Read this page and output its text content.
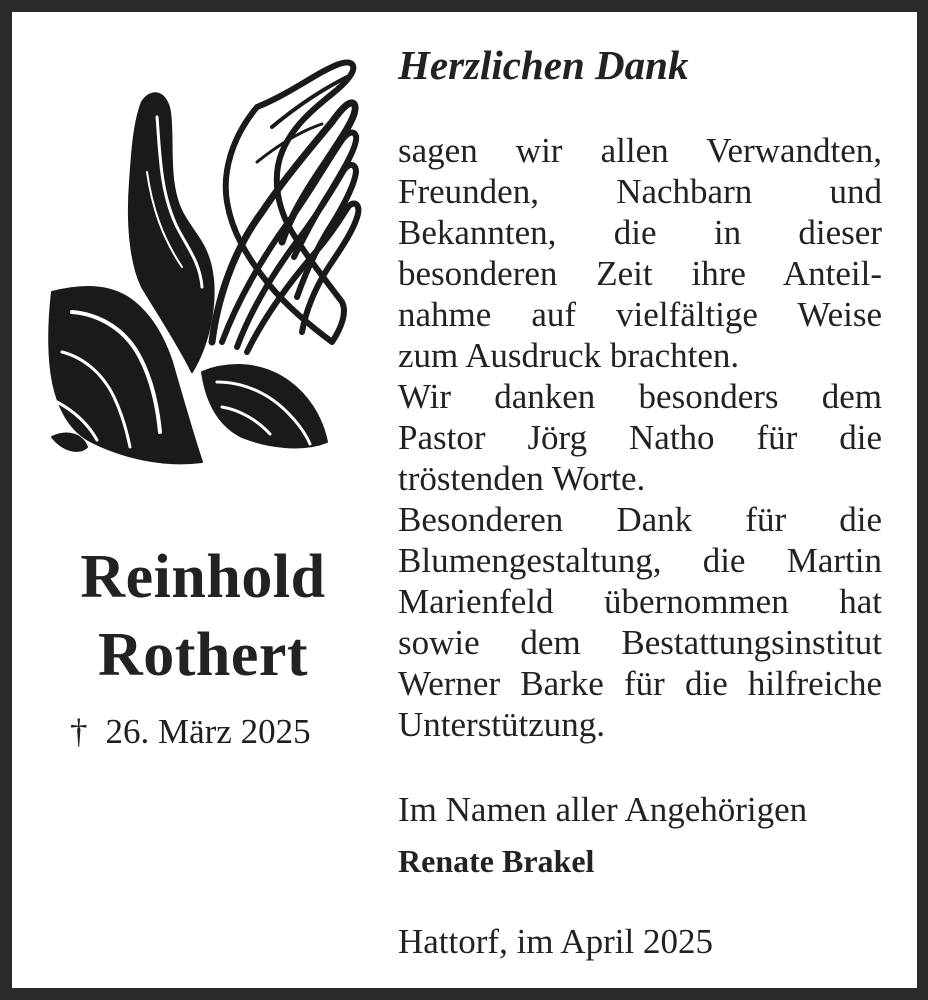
Reinhold
Rothert
† 26. März 2025
Herzlichen Dank
sagen wir allen Verwandten,
Freunden, Nachbarn und
Bekannten, die in dieser
besonderen Zeit ihre Anteil-
nahme auf vielfältige Weise
zum Ausdruck brachten.
Wir danken besonders dem
Pastor Jörg Natho für die
tröstenden Worte.
Besonderen Dank für die
Blumengestaltung, die Martin
Marienfeld übernommen hat
sowie dem Bestattungsinstitut
Werner Barke für die hilfreiche
Unterstützung.
Im Namen aller Angehörigen
Renate Brakel
Hattorf, im April 2025
